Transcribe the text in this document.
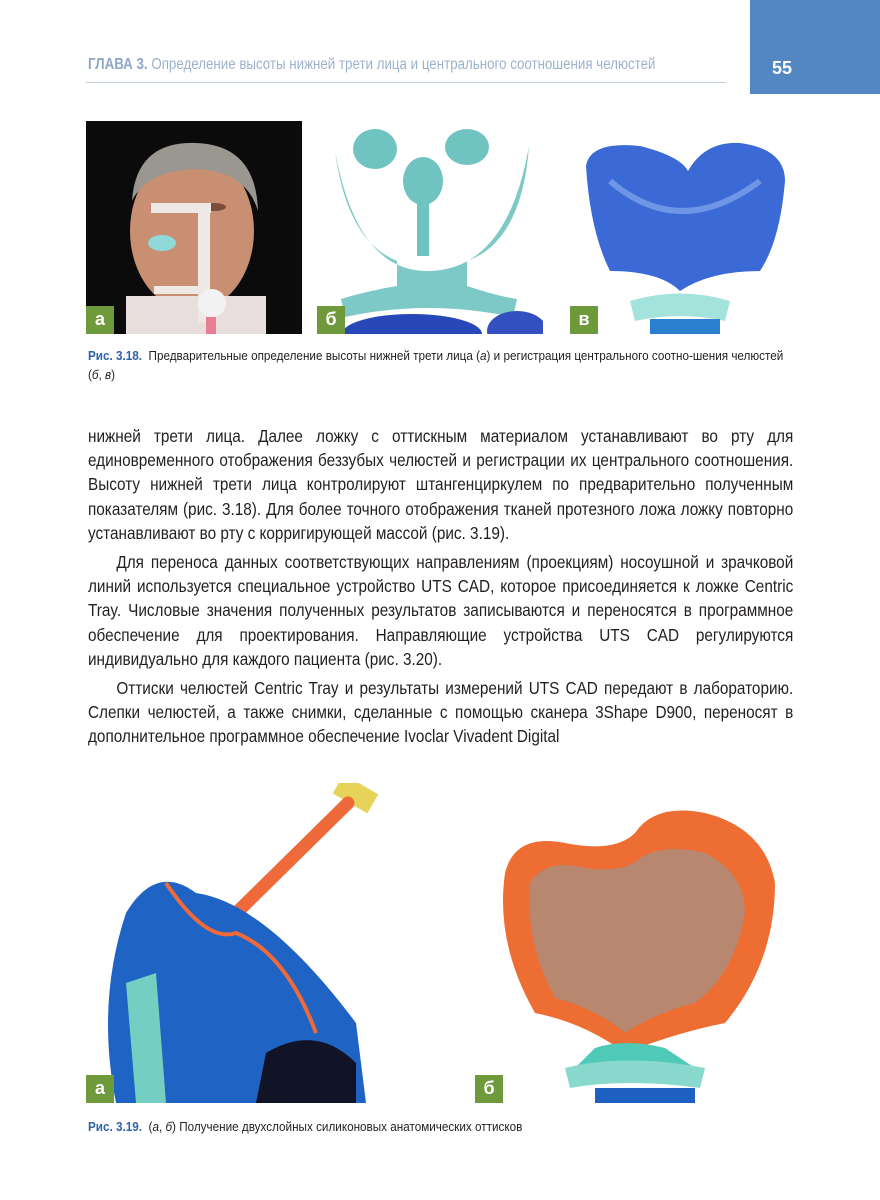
ГЛАВА 3. Определение высоты нижней трети лица и центрального соотношения челюстей	55
а	б	в
Рис. 3.18. Предварительные определение высоты нижней трети лица (а) и регистрация центрального соотно-шения челюстей (б, в)

нижней трети лица. Далее ложку с оттискным материалом устанавливают во рту для единовременного отображения беззубых челюстей и регистрации их центрального соотношения. Высоту нижней трети лица контролируют штангенциркулем по предварительно полученным показателям (рис. 3.18). Для более точного отображения тканей протезного ложа ложку повторно устанавливают во рту с корригирующей массой (рис. 3.19).

Для переноса данных соответствующих направлениям (проекциям) носоушной и зрачковой линий используется специальное устройство UTS CAD, которое присоединяется к ложке Centric Tray. Числовые значения полученных результатов записываются и переносятся в программное обеспечение для проектирования. Направляющие устройства UTS CAD регулируются индивидуально для каждого пациента (рис. 3.20).

Оттиски челюстей Centric Tray и результаты измерений UTS CAD передают в лабораторию. Слепки челюстей, а также снимки, сделанные с помощью сканера 3Shape D900, переносят в дополнительное программное обеспечение Ivoclar Vivadent Digital

а	б
Рис. 3.19. (а, б) Получение двухслойных силиконовых анатомических оттисков
